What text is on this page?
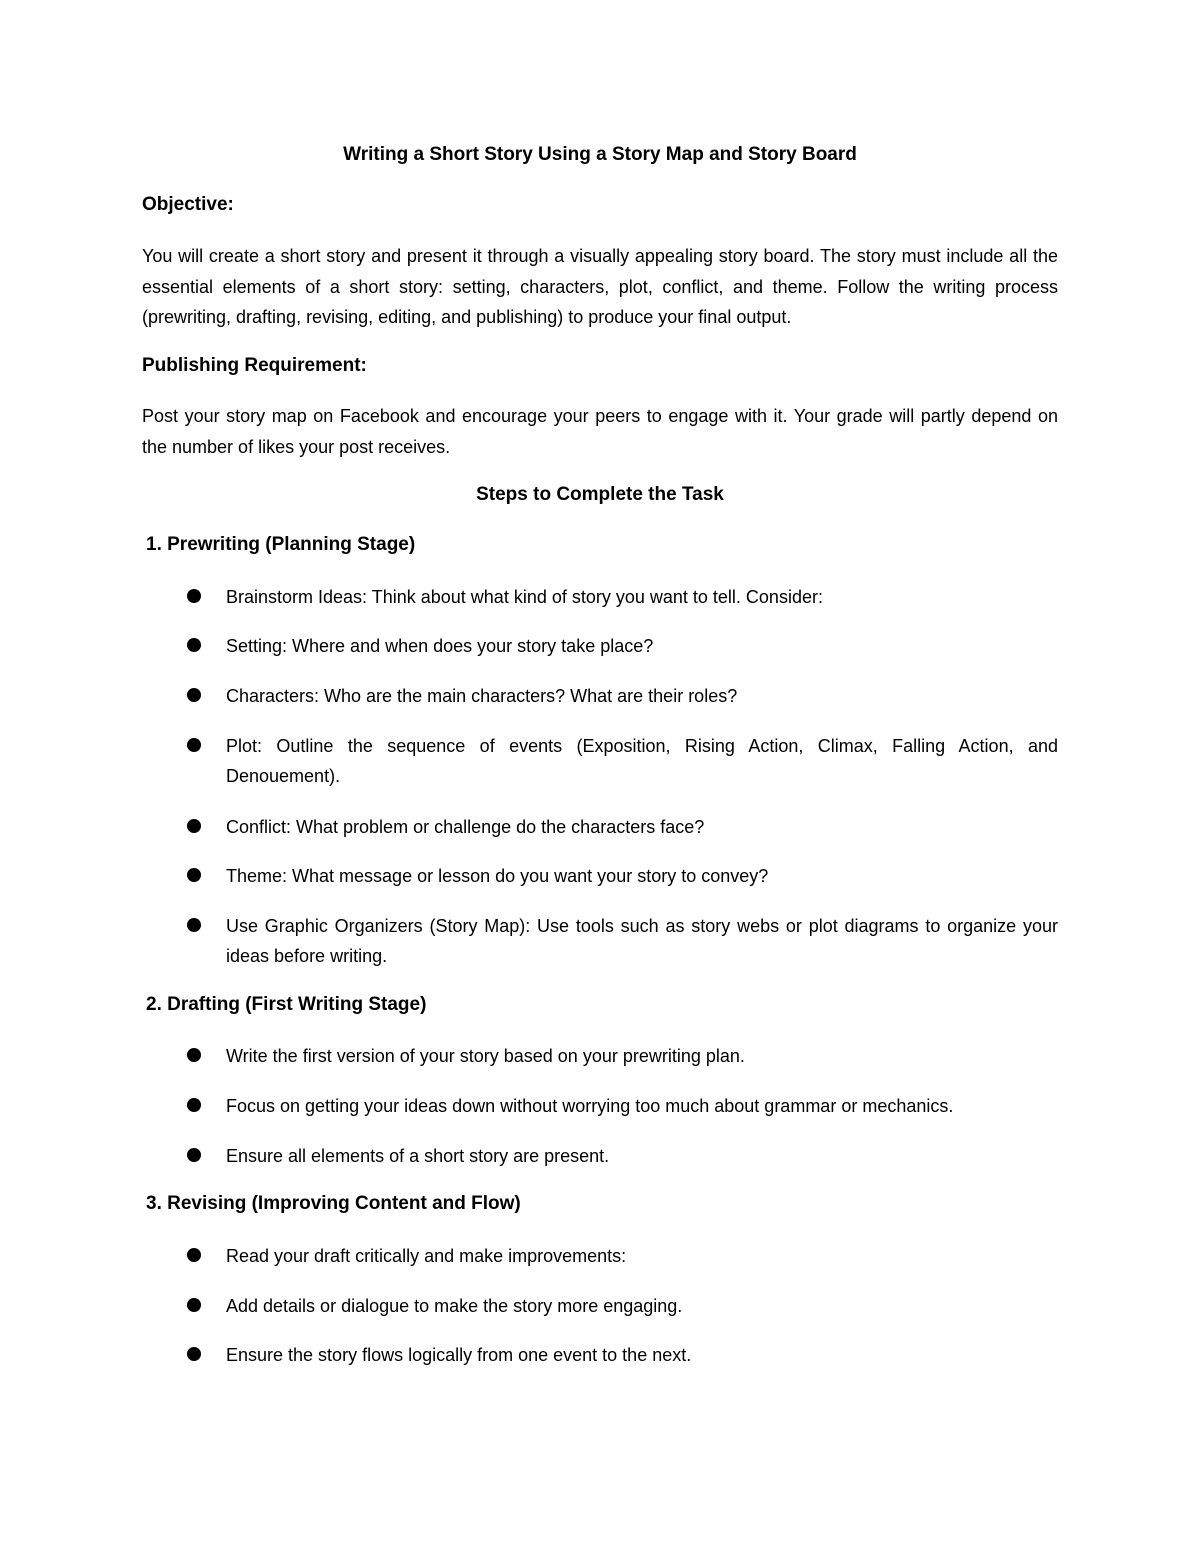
Writing a Short Story Using a Story Map and Story Board
Objective:
You will create a short story and present it through a visually appealing story board. The story must include all the essential elements of a short story: setting, characters, plot, conflict, and theme. Follow the writing process (prewriting, drafting, revising, editing, and publishing) to produce your final output.
Publishing Requirement:
Post your story map on Facebook and encourage your peers to engage with it. Your grade will partly depend on the number of likes your post receives.
Steps to Complete the Task
1. Prewriting (Planning Stage)
Brainstorm Ideas: Think about what kind of story you want to tell. Consider:
Setting: Where and when does your story take place?
Characters: Who are the main characters? What are their roles?
Plot: Outline the sequence of events (Exposition, Rising Action, Climax, Falling Action, and Denouement).
Conflict: What problem or challenge do the characters face?
Theme: What message or lesson do you want your story to convey?
Use Graphic Organizers (Story Map): Use tools such as story webs or plot diagrams to organize your ideas before writing.
2. Drafting (First Writing Stage)
Write the first version of your story based on your prewriting plan.
Focus on getting your ideas down without worrying too much about grammar or mechanics.
Ensure all elements of a short story are present.
3. Revising (Improving Content and Flow)
Read your draft critically and make improvements:
Add details or dialogue to make the story more engaging.
Ensure the story flows logically from one event to the next.
